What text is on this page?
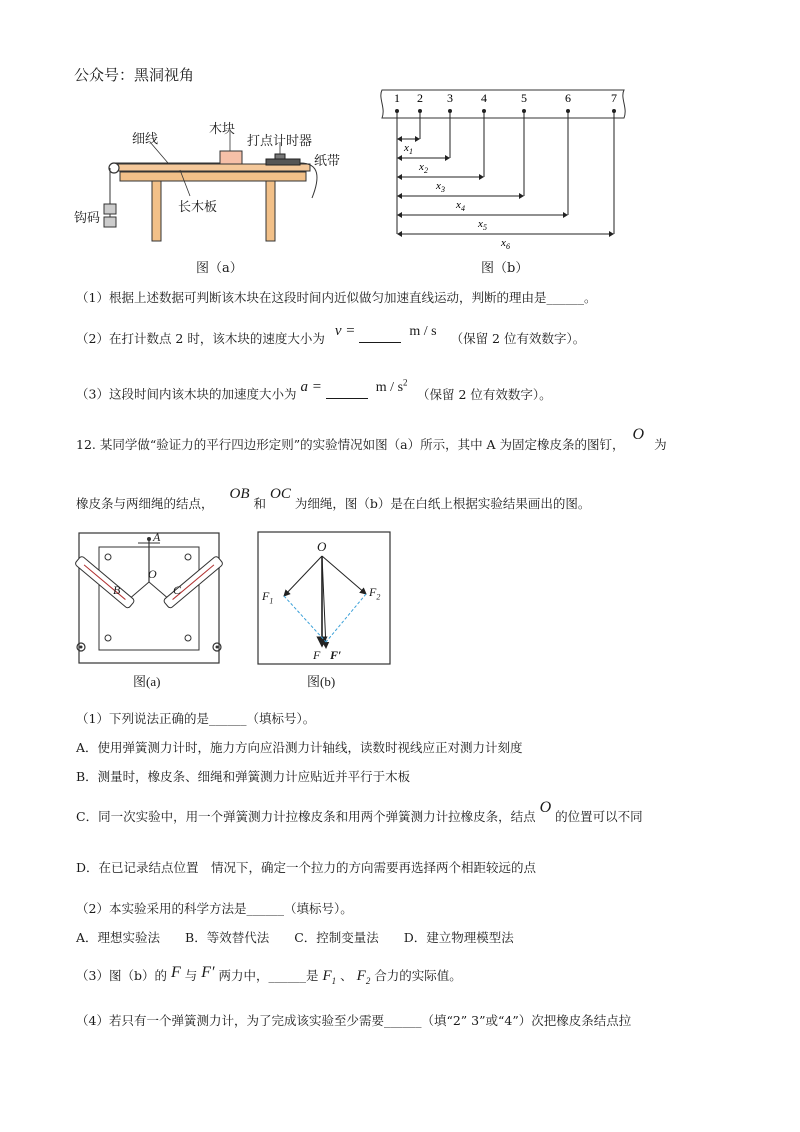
公众号：黑洞视角
细线
木块
打点计时器
纸带
钩码
长木板
图（a）
1 2 3 4	5	6	7
$x_1$
$x_2$
$x_3$
$x_4$
$x_5$
$x_6$
图（b）
（1）根据上述数据可判断该木块在这段时间内近似做匀加速直线运动，判断的理由是______。
（2）在打计数点 2 时，该木块的速度大小为 v =	m / s （保留 2 位有效数字）。
（3）这段时间内该木块的加速度大小为 a =	m / $s^2$ （保留 2 位有效数字）。
12. 某同学做“验证力的平行四边形定则”的实验情况如图（a）所示，其中 A 为固定橡皮条的图钉， O 为
橡皮条与两细绳的结点， OB 和 OC 为细绳，图（b）是在白纸上根据实验结果画出的图。
A
B
O
C
图(a)
O
$F_1$
$F_2$
F F′
图(b)
（1）下列说法正确的是______（填标号）。
A．使用弹簧测力计时，施力方向应沿测力计轴线，读数时视线应正对测力计刻度
B．测量时，橡皮条、细绳和弹簧测力计应贴近并平行于木板
C．同一次实验中，用一个弹簧测力计拉橡皮条和用两个弹簧测力计拉橡皮条，结点 O 的位置可以不同
D．在已记录结点位置　情况下，确定一个拉力的方向需要再选择两个相距较远的点
（2）本实验采用的科学方法是______（填标号）。
A．理想实验法　　B．等效替代法　　C．控制变量法　　D．建立物理模型法
（3）图（b）的 F 与 F′ 两力中，______是 $F_1$ 、 $F_2$ 合力的实际值。
（4）若只有一个弹簧测力计，为了完成该实验至少需要______（填“2” 3”或“4”）次把橡皮条结点拉
